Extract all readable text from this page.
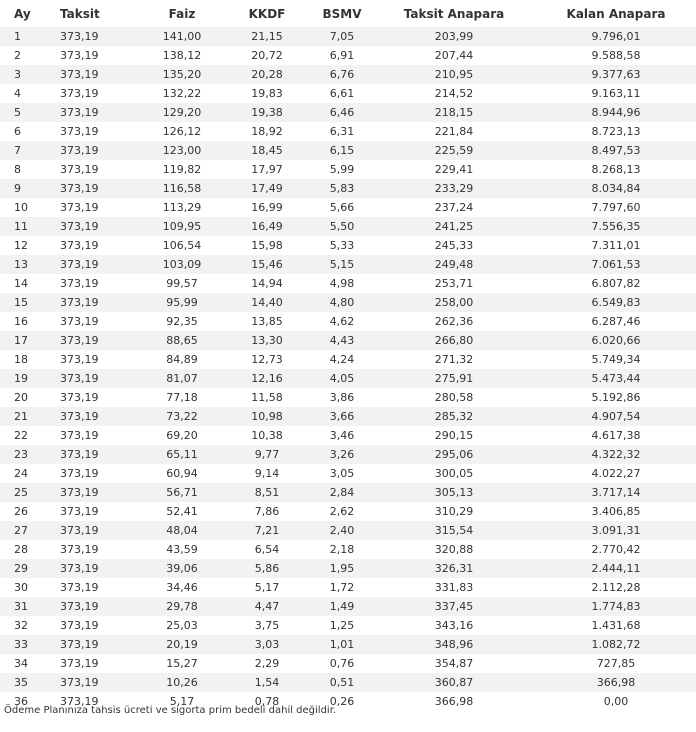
Ay	Taksit	Faiz	KKDF	BSMV	Taksit Anapara	Kalan Anapara
1	373,19	141,00	21,15	7,05	203,99	9.796,01
2	373,19	138,12	20,72	6,91	207,44	9.588,58
3	373,19	135,20	20,28	6,76	210,95	9.377,63
4	373,19	132,22	19,83	6,61	214,52	9.163,11
5	373,19	129,20	19,38	6,46	218,15	8.944,96
6	373,19	126,12	18,92	6,31	221,84	8.723,13
7	373,19	123,00	18,45	6,15	225,59	8.497,53
8	373,19	119,82	17,97	5,99	229,41	8.268,13
9	373,19	116,58	17,49	5,83	233,29	8.034,84
10	373,19	113,29	16,99	5,66	237,24	7.797,60
11	373,19	109,95	16,49	5,50	241,25	7.556,35
12	373,19	106,54	15,98	5,33	245,33	7.311,01
13	373,19	103,09	15,46	5,15	249,48	7.061,53
14	373,19	99,57	14,94	4,98	253,71	6.807,82
15	373,19	95,99	14,40	4,80	258,00	6.549,83
16	373,19	92,35	13,85	4,62	262,36	6.287,46
17	373,19	88,65	13,30	4,43	266,80	6.020,66
18	373,19	84,89	12,73	4,24	271,32	5.749,34
19	373,19	81,07	12,16	4,05	275,91	5.473,44
20	373,19	77,18	11,58	3,86	280,58	5.192,86
21	373,19	73,22	10,98	3,66	285,32	4.907,54
22	373,19	69,20	10,38	3,46	290,15	4.617,38
23	373,19	65,11	9,77	3,26	295,06	4.322,32
24	373,19	60,94	9,14	3,05	300,05	4.022,27
25	373,19	56,71	8,51	2,84	305,13	3.717,14
26	373,19	52,41	7,86	2,62	310,29	3.406,85
27	373,19	48,04	7,21	2,40	315,54	3.091,31
28	373,19	43,59	6,54	2,18	320,88	2.770,42
29	373,19	39,06	5,86	1,95	326,31	2.444,11
30	373,19	34,46	5,17	1,72	331,83	2.112,28
31	373,19	29,78	4,47	1,49	337,45	1.774,83
32	373,19	25,03	3,75	1,25	343,16	1.431,68
33	373,19	20,19	3,03	1,01	348,96	1.082,72
34	373,19	15,27	2,29	0,76	354,87	727,85
35	373,19	10,26	1,54	0,51	360,87	366,98
36	373,19	5,17	0,78	0,26	366,98	0,00
Ödeme Planınıza tahsis ücreti ve sigorta prim bedeli dahil değildir.
